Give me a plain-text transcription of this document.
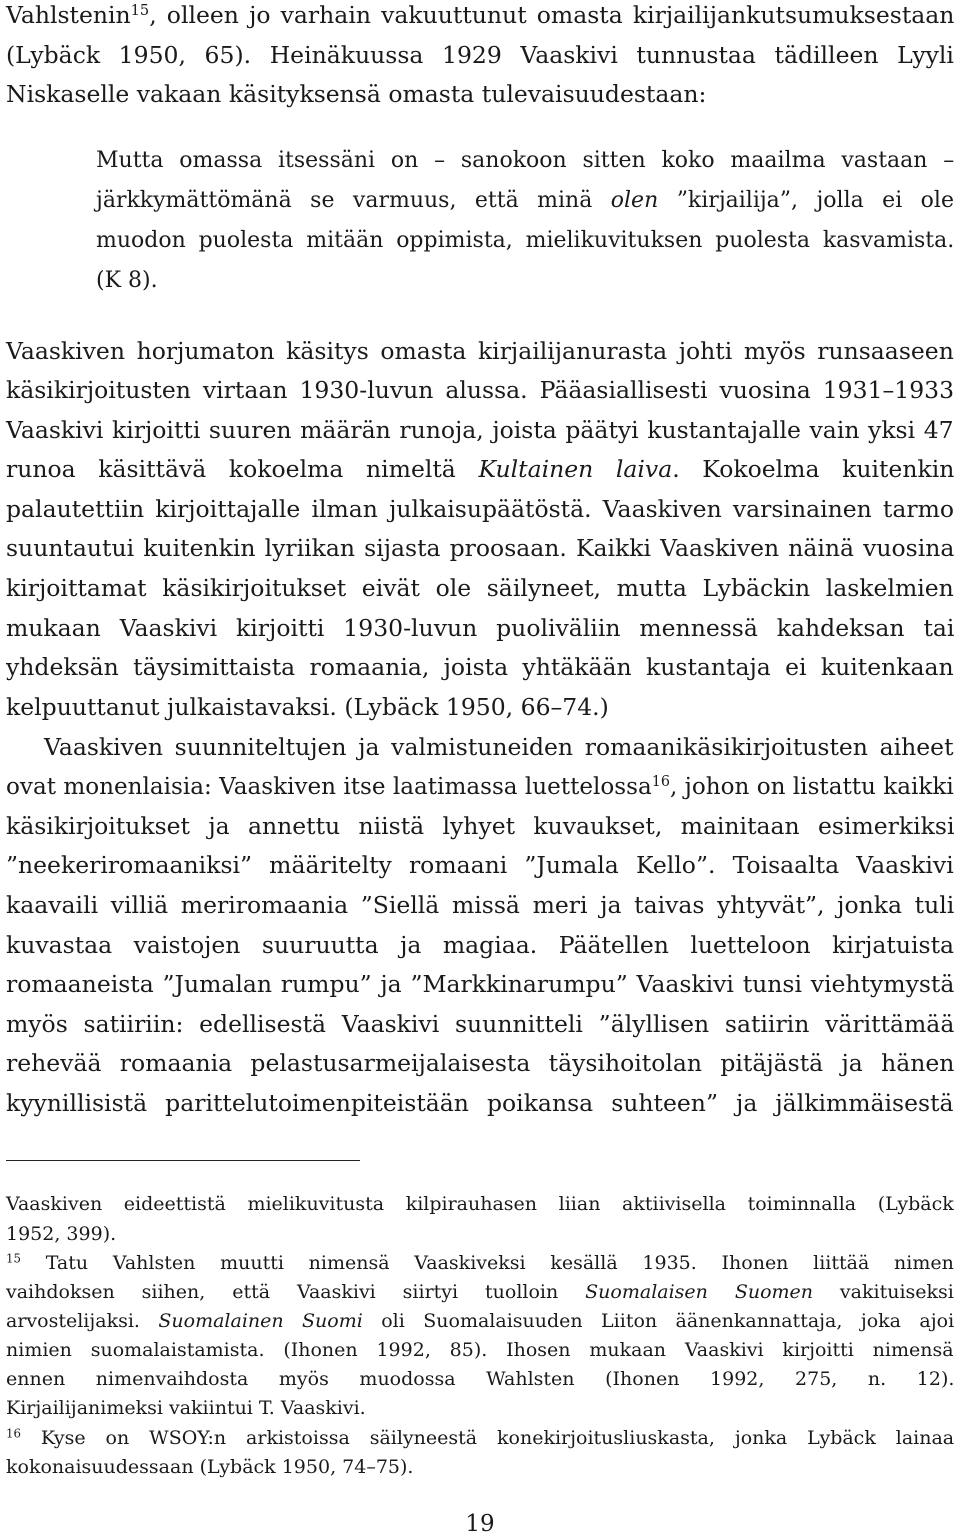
Vahlstenin$^{15}$, olleen jo varhain vakuuttunut omasta kirjailijankutsumuksestaan
(Lybäck 1950, 65). Heinäkuussa 1929 Vaaskivi tunnustaa tädilleen Lyyli
Niskaselle vakaan käsityksensä omasta tulevaisuudestaan:
Mutta omassa itsessäni on – sanokoon sitten koko maailma vastaan –
järkkymättömänä se varmuus, että minä olen ”kirjailija”, jolla ei ole
muodon puolesta mitään oppimista, mielikuvituksen puolesta kasvamista.
(K 8).
Vaaskiven horjumaton käsitys omasta kirjailijanurasta johti myös runsaaseen
käsikirjoitusten virtaan 1930-luvun alussa. Pääasiallisesti vuosina 1931–1933
Vaaskivi kirjoitti suuren määrän runoja, joista päätyi kustantajalle vain yksi 47
runoa käsittävä kokoelma nimeltä Kultainen laiva. Kokoelma kuitenkin
palautettiin kirjoittajalle ilman julkaisupäätöstä. Vaaskiven varsinainen tarmo
suuntautui kuitenkin lyriikan sijasta proosaan. Kaikki Vaaskiven näinä vuosina
kirjoittamat käsikirjoitukset eivät ole säilyneet, mutta Lybäckin laskelmien
mukaan Vaaskivi kirjoitti 1930-luvun puoliväliin mennessä kahdeksan tai
yhdeksän täysimittaista romaania, joista yhtäkään kustantaja ei kuitenkaan
kelpuuttanut julkaistavaksi. (Lybäck 1950, 66–74.)
Vaaskiven suunniteltujen ja valmistuneiden romaanikäsikirjoitusten aiheet
ovat monenlaisia: Vaaskiven itse laatimassa luettelossa$^{16}$, johon on listattu kaikki
käsikirjoitukset ja annettu niistä lyhyet kuvaukset, mainitaan esimerkiksi
”neekeriromaaniksi” määritelty romaani ”Jumala Kello”. Toisaalta Vaaskivi
kaavaili villiä meriromaania ”Siellä missä meri ja taivas yhtyvät”, jonka tuli
kuvastaa vaistojen suuruutta ja magiaa. Päätellen luetteloon kirjatuista
romaaneista ”Jumalan rumpu” ja ”Markkinarumpu” Vaaskivi tunsi viehtymystä
myös satiiriin: edellisestä Vaaskivi suunnitteli ”älyllisen satiirin värittämää
rehevää romaania pelastusarmeijalaisesta täysihoitolan pitäjästä ja hänen
kyynillisistä parittelutoimenpiteistään poikansa suhteen” ja jälkimmäisestä
Vaaskiven eideettistä mielikuvitusta kilpirauhasen liian aktiivisella toiminnalla (Lybäck
1952, 399).
$^{15}$ Tatu Vahlsten muutti nimensä Vaaskiveksi kesällä 1935. Ihonen liittää nimen
vaihdoksen siihen, että Vaaskivi siirtyi tuolloin Suomalaisen Suomen vakituiseksi
arvostelijaksi. Suomalainen Suomi oli Suomalaisuuden Liiton äänenkannattaja, joka ajoi
nimien suomalaistamista. (Ihonen 1992, 85). Ihosen mukaan Vaaskivi kirjoitti nimensä
ennen nimenvaihdosta myös muodossa Wahlsten (Ihonen 1992, 275, n. 12).
Kirjailijanimeksi vakiintui T. Vaaskivi.
$^{16}$ Kyse on WSOY:n arkistoissa säilyneestä konekirjoitusliuskasta, jonka Lybäck lainaa
kokonaisuudessaan (Lybäck 1950, 74–75).
19
